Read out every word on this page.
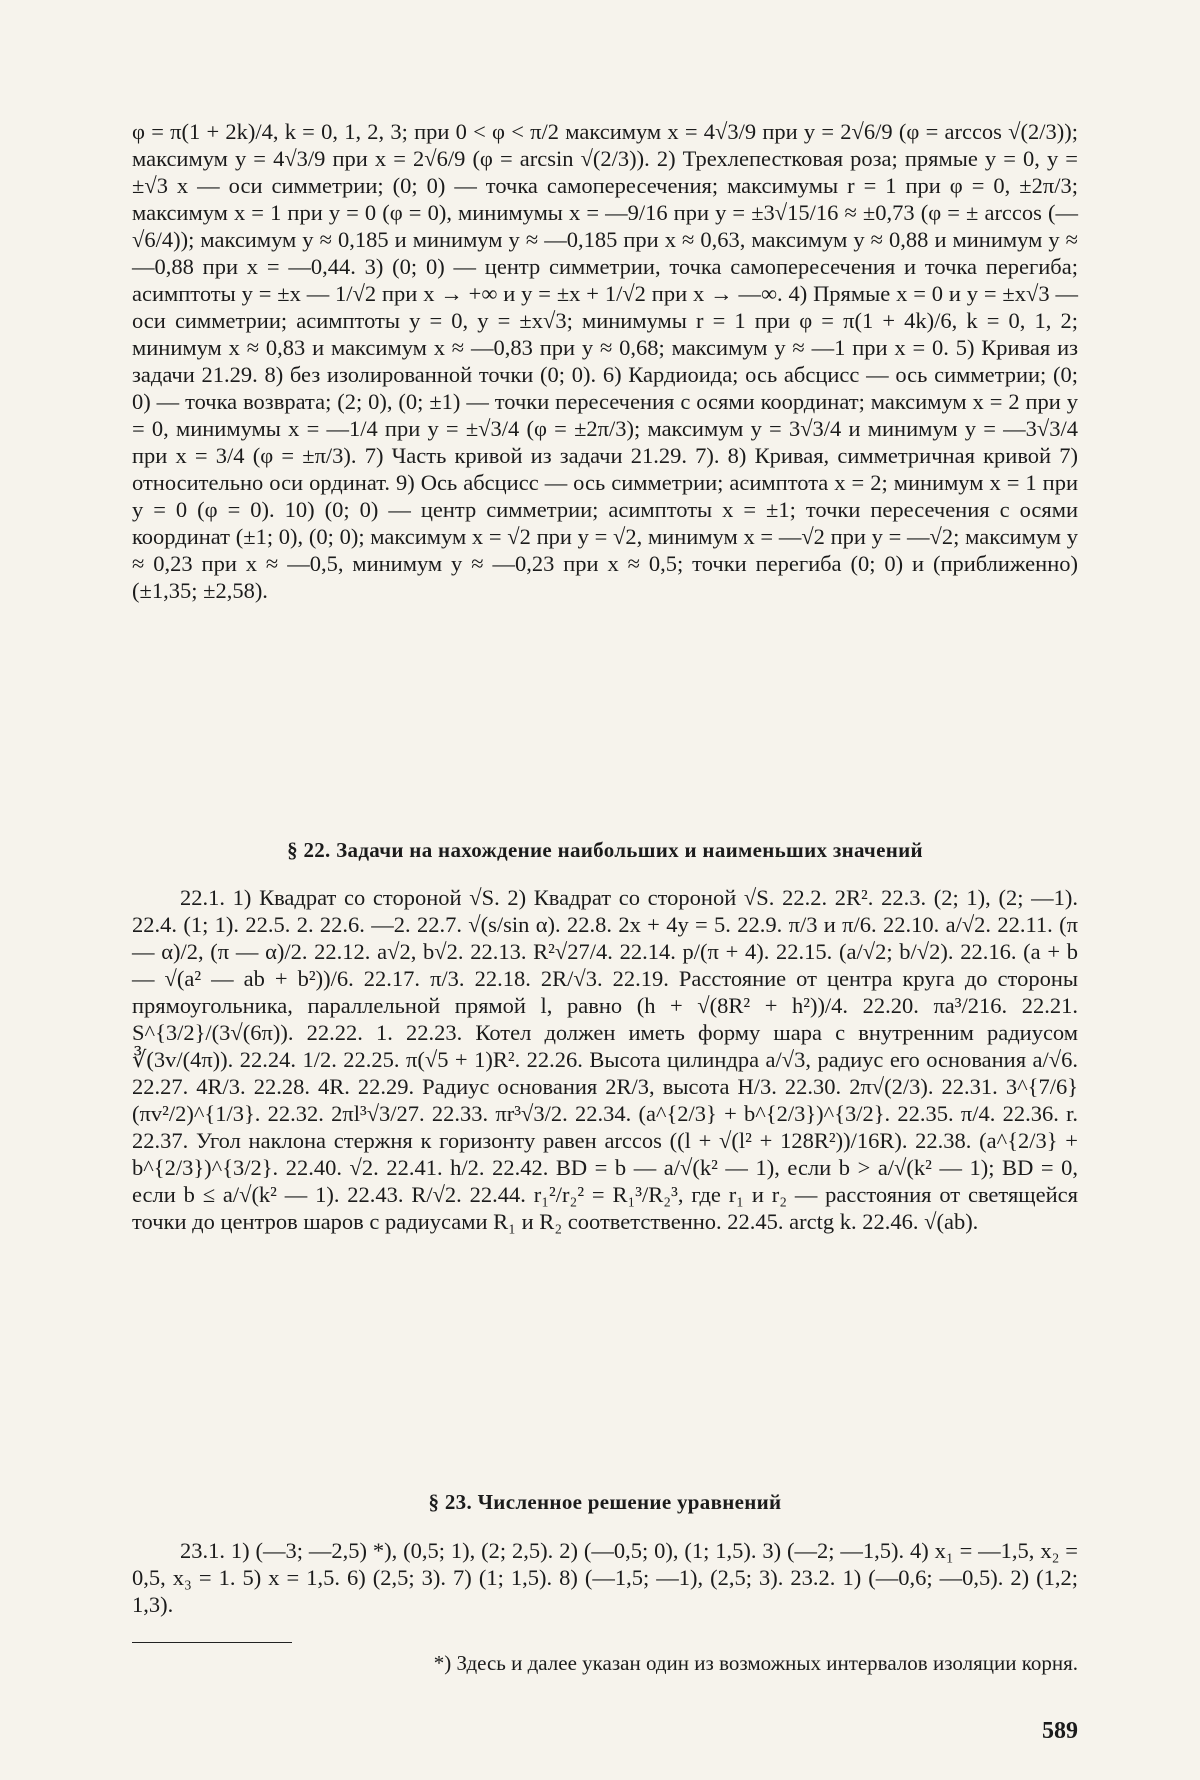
φ = π(1 + 2k)/4, k = 0, 1, 2, 3; при 0 < φ < π/2 максимум x = 4√3/9 при y = 2√6/9 (φ = arccos √(2/3)); максимум y = 4√3/9 при x = 2√6/9 (φ = arcsin √(2/3)). 2) Трехлепестковая роза; прямые y = 0, y = ±√3 x — оси симметрии; (0; 0) — точка самопересечения; максимумы r = 1 при φ = 0, ±2π/3; максимум x = 1 при y = 0 (φ = 0), минимумы x = —9/16 при y = ±3√15/16 ≈ ±0,73 (φ = ± arccos (—√6/4)); максимум y ≈ 0,185 и минимум y ≈ —0,185 при x ≈ 0,63, максимум y ≈ 0,88 и минимум y ≈ —0,88 при x = —0,44. 3) (0; 0) — центр симметрии, точка самопересечения и точка перегиба; асимптоты y = ±x — 1/√2 при x → +∞ и y = ±x + 1/√2 при x → —∞. 4) Прямые x = 0 и y = ±x√3 — оси симметрии; асимптоты y = 0, y = ±x√3; минимумы r = 1 при φ = π(1 + 4k)/6, k = 0, 1, 2; минимум x ≈ 0,83 и максимум x ≈ —0,83 при y ≈ 0,68; максимум y ≈ —1 при x = 0. 5) Кривая из задачи 21.29. 8) без изолированной точки (0; 0). 6) Кардиоида; ось абсцисс — ось симметрии; (0; 0) — точка возврата; (2; 0), (0; ±1) — точки пересечения с осями координат; максимум x = 2 при y = 0, минимумы x = —1/4 при y = ±√3/4 (φ = ±2π/3); максимум y = 3√3/4 и минимум y = —3√3/4 при x = 3/4 (φ = ±π/3). 7) Часть кривой из задачи 21.29. 7). 8) Кривая, симметричная кривой 7) относительно оси ординат. 9) Ось абсцисс — ось симметрии; асимптота x = 2; минимум x = 1 при y = 0 (φ = 0). 10) (0; 0) — центр симметрии; асимптоты x = ±1; точки пересечения с осями координат (±1; 0), (0; 0); максимум x = √2 при y = √2, минимум x = —√2 при y = —√2; максимум y ≈ 0,23 при x ≈ —0,5, минимум y ≈ —0,23 при x ≈ 0,5; точки перегиба (0; 0) и (приближенно) (±1,35; ±2,58).

§ 22. Задачи на нахождение наибольших и наименьших значений

22.1. 1) Квадрат со стороной √S. 2) Квадрат со стороной √S. 22.2. 2R². 22.3. (2; 1), (2; —1). 22.4. (1; 1). 22.5. 2. 22.6. —2. 22.7. √(s/sin α). 22.8. 2x + 4y = 5. 22.9. π/3 и π/6. 22.10. a/√2. 22.11. (π — α)/2, (π — α)/2. 22.12. a√2, b√2. 22.13. R²√27/4. 22.14. p/(π + 4). 22.15. (a/√2; b/√2). 22.16. (a + b — √(a² — ab + b²))/6. 22.17. π/3. 22.18. 2R/√3. 22.19. Расстояние от центра круга до стороны прямоугольника, параллельной прямой l, равно (h + √(8R² + h²))/4. 22.20. πa³/216. 22.21. S^{3/2}/(3√(6π)). 22.22. 1. 22.23. Котел должен иметь форму шара с внутренним радиусом ∛(3v/(4π)). 22.24. 1/2. 22.25. π(√5 + 1)R². 22.26. Высота цилиндра a/√3, радиус его основания a/√6. 22.27. 4R/3. 22.28. 4R. 22.29. Радиус основания 2R/3, высота H/3. 22.30. 2π√(2/3). 22.31. 3^{7/6}(πv²/2)^{1/3}. 22.32. 2πl³√3/27. 22.33. πr³√3/2. 22.34. (a^{2/3} + b^{2/3})^{3/2}. 22.35. π/4. 22.36. r. 22.37. Угол наклона стержня к горизонту равен arccos ((l + √(l² + 128R²))/16R). 22.38. (a^{2/3} + b^{2/3})^{3/2}. 22.40. √2. 22.41. h/2. 22.42. BD = b — a/√(k² — 1), если b > a/√(k² — 1); BD = 0, если b ≤ a/√(k² — 1). 22.43. R/√2. 22.44. r₁²/r₂² = R₁³/R₂³, где r₁ и r₂ — расстояния от светящейся точки до центров шаров с радиусами R₁ и R₂ соответственно. 22.45. arctg k. 22.46. √(ab).

§ 23. Численное решение уравнений

23.1. 1) (—3; —2,5) *), (0,5; 1), (2; 2,5). 2) (—0,5; 0), (1; 1,5). 3) (—2; —1,5). 4) x₁ = —1,5, x₂ = 0,5, x₃ = 1. 5) x = 1,5. 6) (2,5; 3). 7) (1; 1,5). 8) (—1,5; —1), (2,5; 3). 23.2. 1) (—0,6; —0,5). 2) (1,2; 1,3).

*) Здесь и далее указан один из возможных интервалов изоляции корня.
589
